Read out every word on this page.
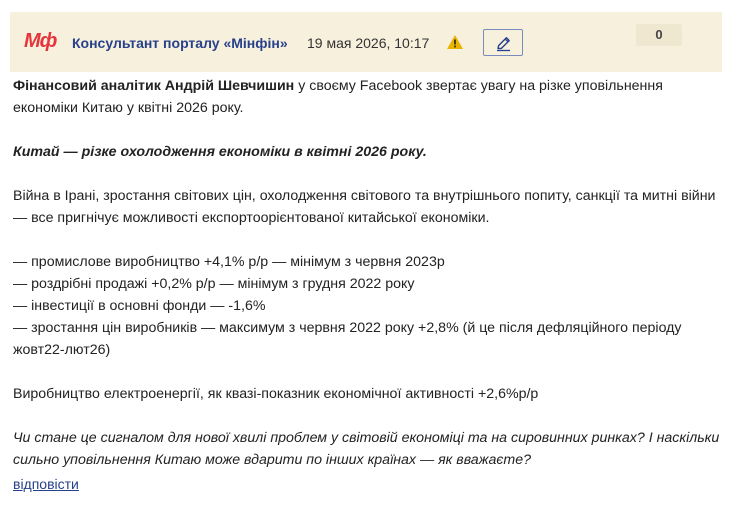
Мф Консультант порталу «Мінфін» 19 мая 2026, 10:17
0

Фінансовий аналітик Андрій Шевчишин у своєму Facebook звертає увагу на різке уповільнення економіки Китаю у квітні 2026 року.

Китай — різке охолодження економіки в квітні 2026 року.

Війна в Ірані, зростання світових цін, охолодження світового та внутрішнього попиту, санкції та митні війни — все пригнічує можливості експортоорієнтованої китайської економіки.

— промислове виробництво +4,1% р/р — мінімум з червня 2023р

— роздрібні продажі +0,2% р/р — мінімум з грудня 2022 року

— інвестиції в основні фонди — -1,6%

— зростання цін виробників — максимум з червня 2022 року +2,8% (й це після дефляційного періоду жовт22-лют26)

Виробництво електроенергії, як квазі-показник економічної активності +2,6%р/р

Чи стане це сигналом для нової хвилі проблем у світовій економіці та на сировинних ринках? І наскільки сильно уповільнення Китаю може вдарити по інших країнах — як вважаєте?

відповісти
